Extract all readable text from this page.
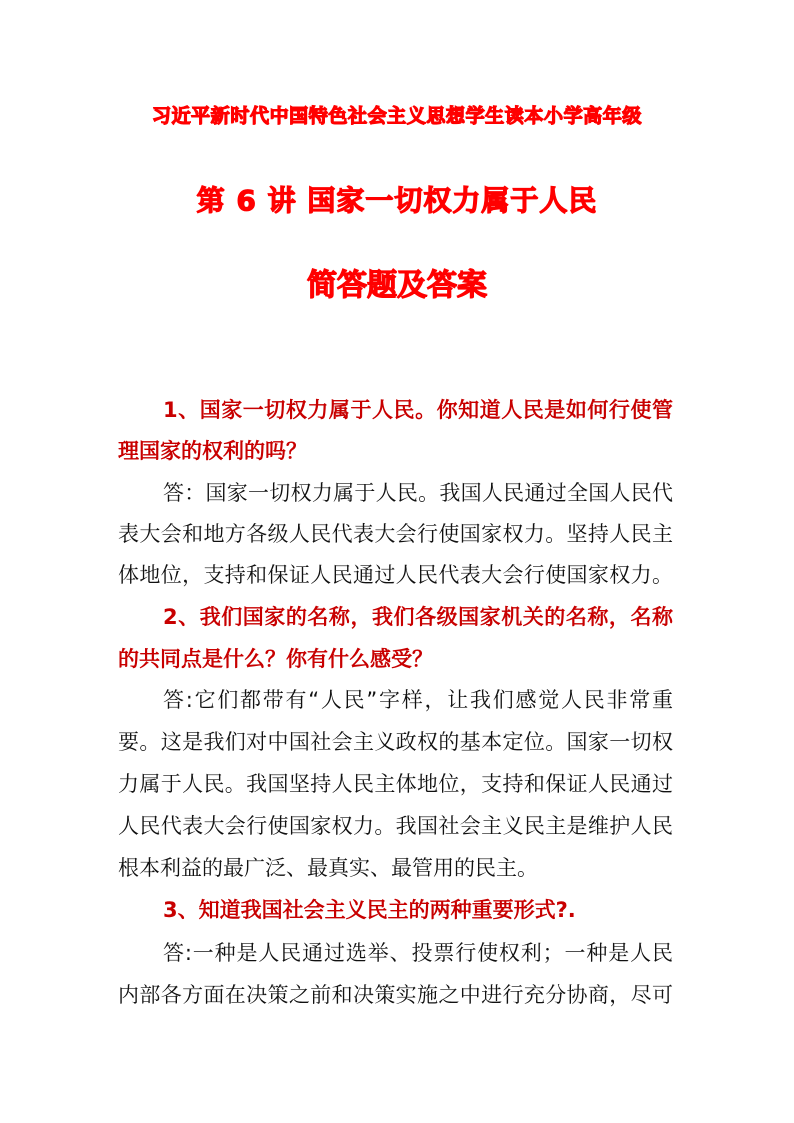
习近平新时代中国特色社会主义思想学生读本小学高年级
第 6 讲 国家一切权力属于人民
简答题及答案
1、国家一切权力属于人民。你知道人民是如何行使管
理国家的权利的吗？
答：国家一切权力属于人民。我国人民通过全国人民代
表大会和地方各级人民代表大会行使国家权力。坚持人民主
体地位，支持和保证人民通过人民代表大会行使国家权力。
2、我们国家的名称，我们各级国家机关的名称，名称
的共同点是什么？你有什么感受？
答:它们都带有“人民”字样，让我们感觉人民非常重
要。这是我们对中国社会主义政权的基本定位。国家一切权
力属于人民。我国坚持人民主体地位，支持和保证人民通过
人民代表大会行使国家权力。我国社会主义民主是维护人民
根本利益的最广泛、最真实、最管用的民主。
3、知道我国社会主义民主的两种重要形式?.
答:一种是人民通过选举、投票行使权利；一种是人民
内部各方面在决策之前和决策实施之中进行充分协商，尽可
